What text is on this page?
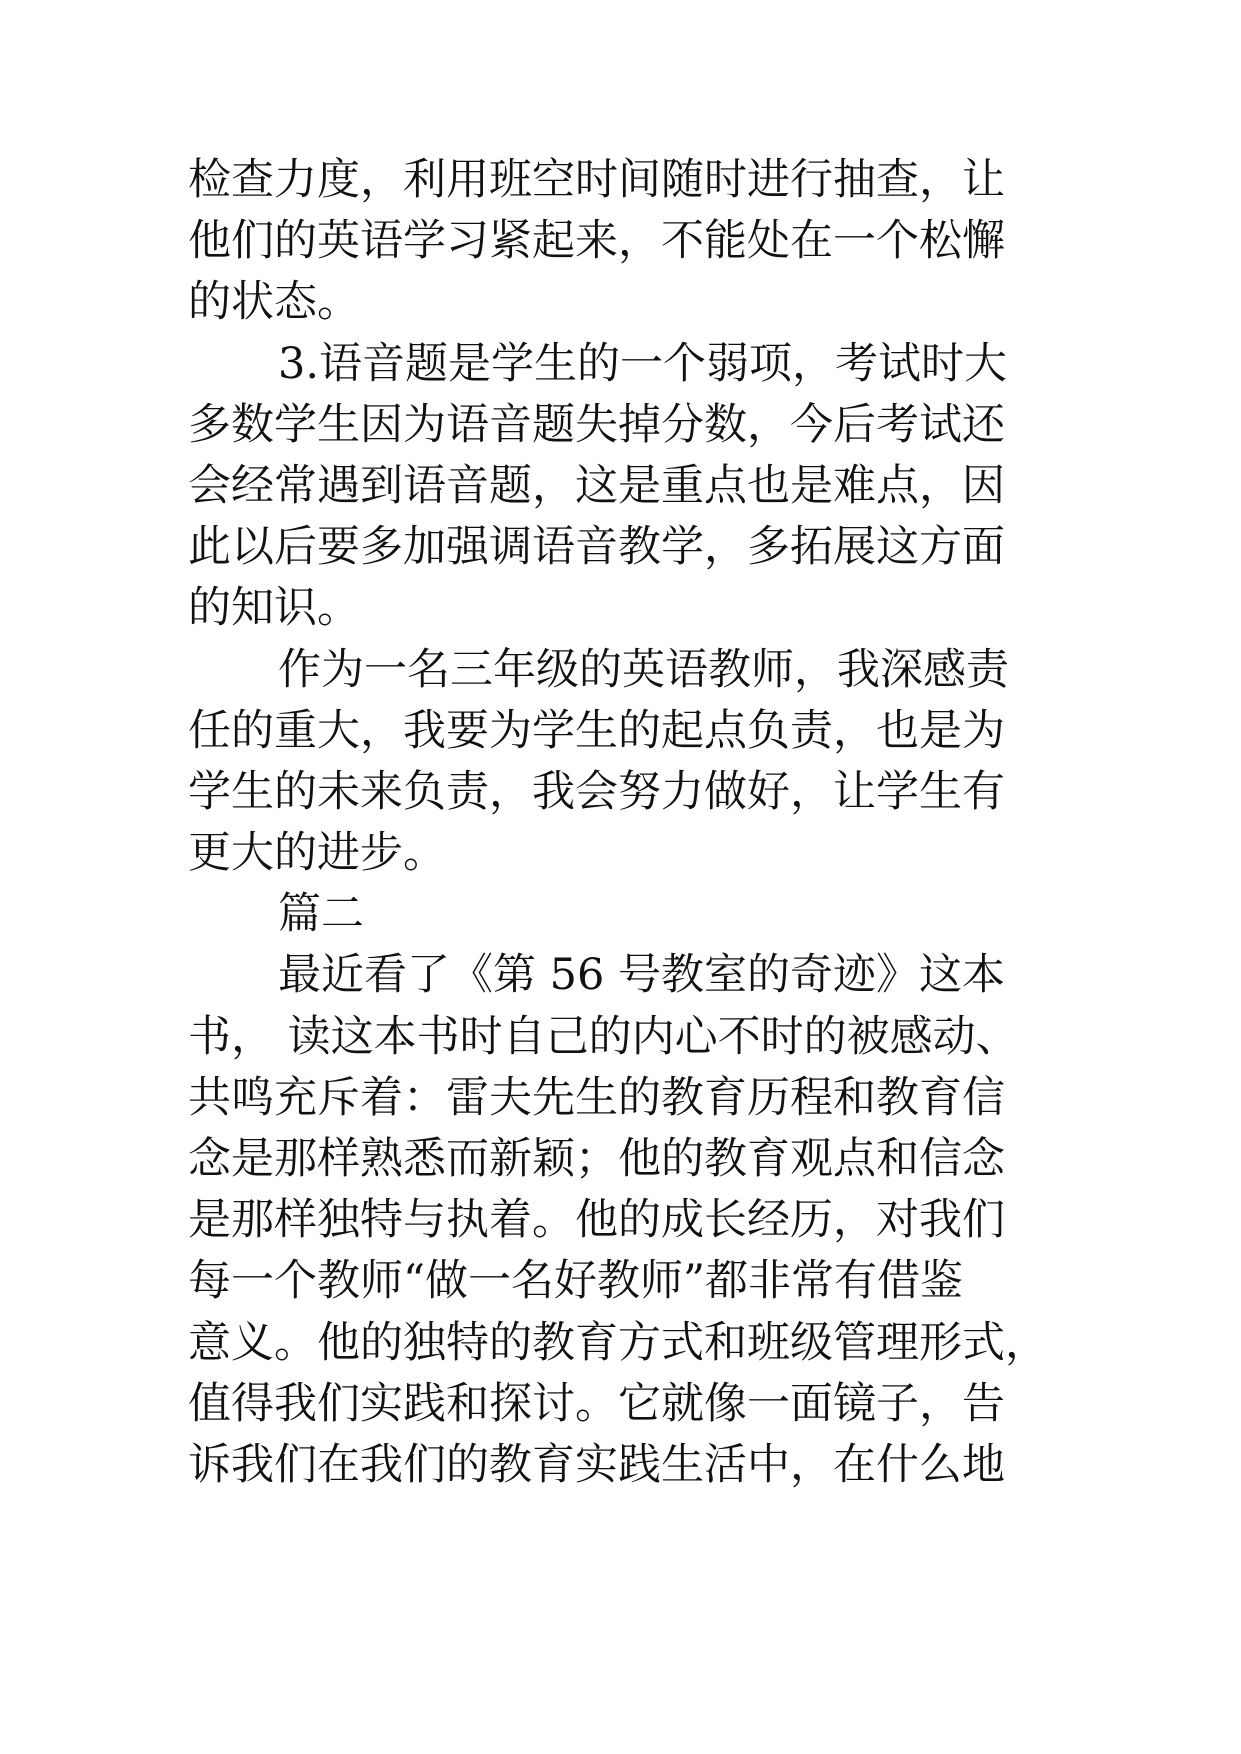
检查力度，利用班空时间随时进行抽查，让
他们的英语学习紧起来，不能处在一个松懈
的状态。
3.语音题是学生的一个弱项，考试时大
多数学生因为语音题失掉分数，今后考试还
会经常遇到语音题，这是重点也是难点，因
此以后要多加强调语音教学，多拓展这方面
的知识。
作为一名三年级的英语教师，我深感责
任的重大，我要为学生的起点负责，也是为
学生的未来负责，我会努力做好，让学生有
更大的进步。
篇二
最近看了《第 56 号教室的奇迹》这本
书， 读这本书时自己的内心不时的被感动、
共鸣充斥着：雷夫先生的教育历程和教育信
念是那样熟悉而新颖；他的教育观点和信念
是那样独特与执着。他的成长经历，对我们
每一个教师“做一名好教师”都非常有借鉴
意义。他的独特的教育方式和班级管理形式，
值得我们实践和探讨。它就像一面镜子，告
诉我们在我们的教育实践生活中，在什么地
